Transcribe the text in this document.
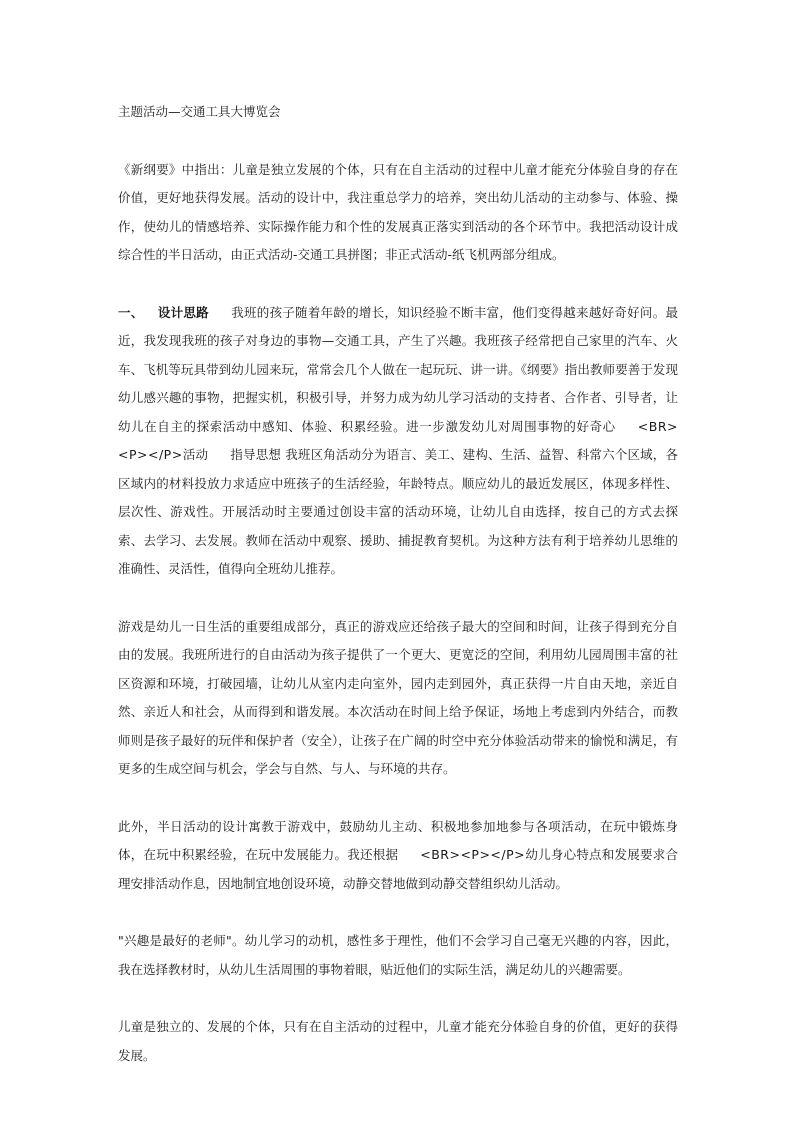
主题活动—交通工具大博览会

《新纲要》中指出：儿童是独立发展的个体，只有在自主活动的过程中儿童才能充分体验自身的存在价值，更好地获得发展。活动的设计中，我注重总学力的培养，突出幼儿活动的主动参与、体验、操作，使幼儿的情感培养、实际操作能力和个性的发展真正落实到活动的各个环节中。我把活动设计成综合性的半日活动，由正式活动-交通工具拼图；非正式活动-纸飞机两部分组成。

一、 设计思路 我班的孩子随着年龄的增长，知识经验不断丰富，他们变得越来越好奇好问。最近，我发现我班的孩子对身边的事物—交通工具，产生了兴趣。我班孩子经常把自己家里的汽车、火车、飞机等玩具带到幼儿园来玩，常常会几个人做在一起玩玩、讲一讲。《纲要》指出教师要善于发现幼儿感兴趣的事物，把握实机，积极引导，并努力成为幼儿学习活动的支持者、合作者、引导者，让幼儿在自主的探索活动中感知、体验、积累经验。进一步激发幼儿对周围事物的好奇心 <BR><P></P>活动 指导思想 我班区角活动分为语言、美工、建构、生活、益智、科常六个区域，各区域内的材料投放力求适应中班孩子的生活经验，年龄特点。顺应幼儿的最近发展区，体现多样性、层次性、游戏性。开展活动时主要通过创设丰富的活动环境，让幼儿自由选择，按自己的方式去探索、去学习、去发展。教师在活动中观察、援助、捕捉教育契机。为这种方法有利于培养幼儿思维的准确性、灵活性，值得向全班幼儿推荐。

游戏是幼儿一日生活的重要组成部分，真正的游戏应还给孩子最大的空间和时间，让孩子得到充分自由的发展。我班所进行的自由活动为孩子提供了一个更大、更宽泛的空间，利用幼儿园周围丰富的社区资源和环境，打破园墙，让幼儿从室内走向室外，园内走到园外，真正获得一片自由天地，亲近自然、亲近人和社会，从而得到和谐发展。本次活动在时间上给予保证，场地上考虑到内外结合，而教师则是孩子最好的玩伴和保护者（安全），让孩子在广阔的时空中充分体验活动带来的愉悦和满足，有更多的生成空间与机会，学会与自然、与人、与环境的共存。

此外，半日活动的设计寓教于游戏中，鼓励幼儿主动、积极地参加地参与各项活动，在玩中锻炼身体，在玩中积累经验，在玩中发展能力。我还根据 <BR><P></P>幼儿身心特点和发展要求合理安排活动作息，因地制宜地创设环境，动静交替地做到动静交替组织幼儿活动。

"兴趣是最好的老师"。幼儿学习的动机，感性多于理性，他们不会学习自己毫无兴趣的内容，因此，我在选择教材时，从幼儿生活周围的事物着眼，贴近他们的实际生活，满足幼儿的兴趣需要。

儿童是独立的、发展的个体，只有在自主活动的过程中，儿童才能充分体验自身的价值，更好的获得发展。
